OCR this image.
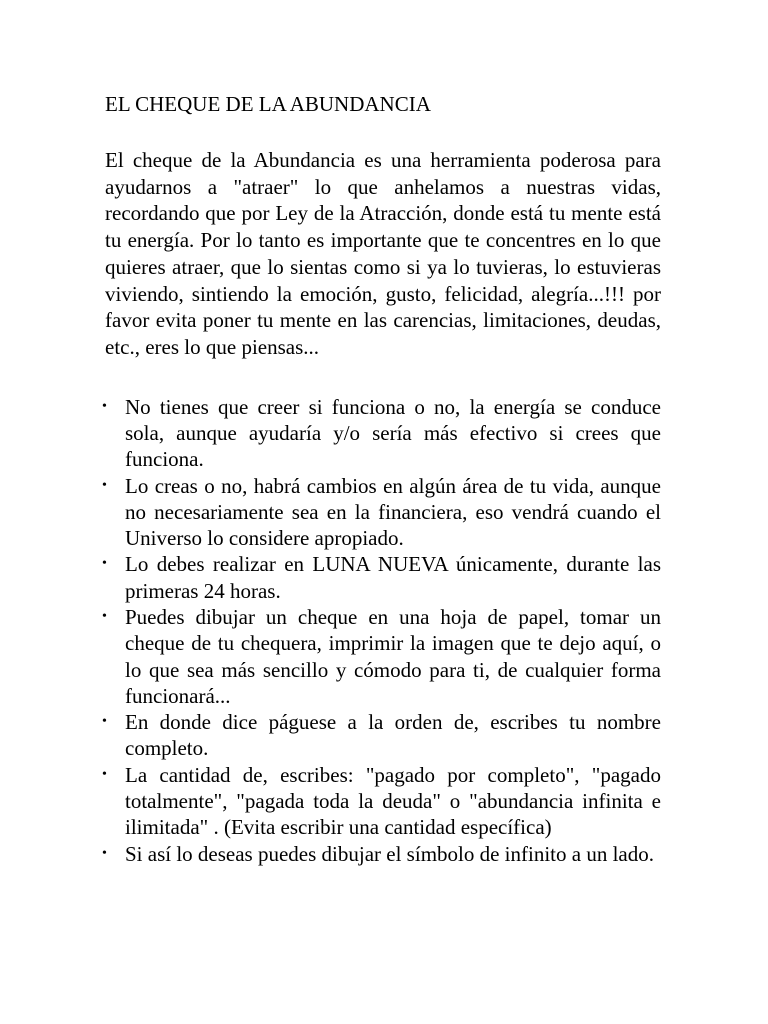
EL CHEQUE DE LA ABUNDANCIA

El cheque de la Abundancia es una herramienta poderosa para ayudarnos a "atraer" lo que anhelamos a nuestras vidas, recordando que por Ley de la Atracción, donde está tu mente está tu energía. Por lo tanto es importante que te concentres en lo que quieres atraer, que lo sientas como si ya lo tuvieras, lo estuvieras viviendo, sintiendo la emoción, gusto, felicidad, alegría...!!! por favor evita poner tu mente en las carencias, limitaciones, deudas, etc., eres lo que piensas...

• No tienes que creer si funciona o no, la energía se conduce sola, aunque ayudaría y/o sería más efectivo si crees que funciona.
• Lo creas o no, habrá cambios en algún área de tu vida, aunque no necesariamente sea en la financiera, eso vendrá cuando el Universo lo considere apropiado.
• Lo debes realizar en LUNA NUEVA únicamente, durante las primeras 24 horas.
• Puedes dibujar un cheque en una hoja de papel, tomar un cheque de tu chequera, imprimir la imagen que te dejo aquí, o lo que sea más sencillo y cómodo para ti, de cualquier forma funcionará...
• En donde dice páguese a la orden de, escribes tu nombre completo.
• La cantidad de, escribes: "pagado por completo", "pagado totalmente", "pagada toda la deuda" o "abundancia infinita e ilimitada" . (Evita escribir una cantidad específica)
• Si así lo deseas puedes dibujar el símbolo de infinito a un lado.
